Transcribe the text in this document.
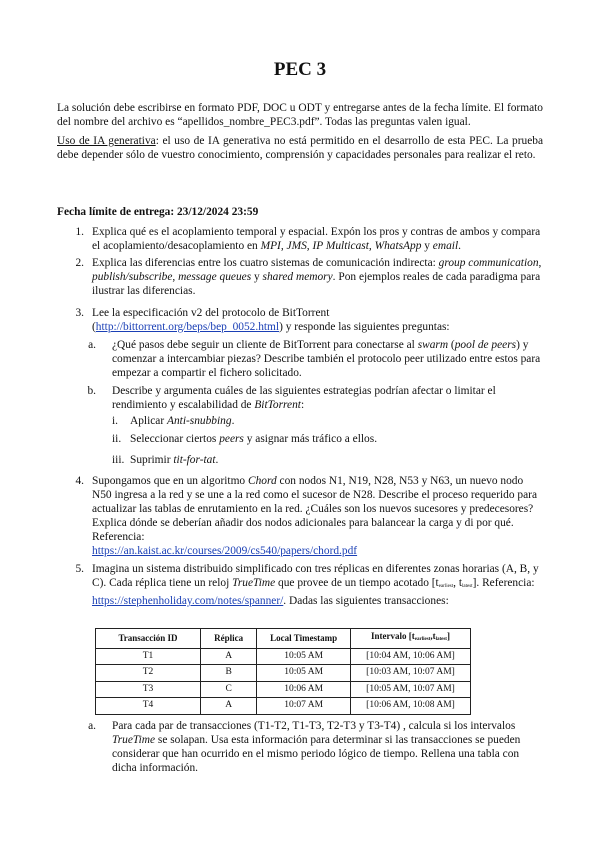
PEC 3
La solución debe escribirse en formato PDF, DOC u ODT y entregarse antes de la fecha límite. El formato del nombre del archivo es “apellidos_nombre_PEC3.pdf”. Todas las preguntas valen igual.
Uso de IA generativa: el uso de IA generativa no está permitido en el desarrollo de esta PEC. La prueba debe depender sólo de vuestro conocimiento, comprensión y capacidades personales para realizar el reto.
Fecha límite de entrega: 23/12/2024 23:59
1. Explica qué es el acoplamiento temporal y espacial. Expón los pros y contras de ambos y compara el acoplamiento/desacoplamiento en MPI, JMS, IP Multicast, WhatsApp y email.
2. Explica las diferencias entre los cuatro sistemas de comunicación indirecta: group communication, publish/subscribe, message queues y shared memory. Pon ejemplos reales de cada paradigma para ilustrar las diferencias.
3. Lee la especificación v2 del protocolo de BitTorrent (http://bittorrent.org/beps/bep_0052.html) y responde las siguientes preguntas:
a. ¿Qué pasos debe seguir un cliente de BitTorrent para conectarse al swarm (pool de peers) y comenzar a intercambiar piezas? Describe también el protocolo peer utilizado entre estos para empezar a compartir el fichero solicitado.
b. Describe y argumenta cuáles de las siguientes estrategias podrían afectar o limitar el rendimiento y escalabilidad de BitTorrent:
i. Aplicar Anti-snubbing.
ii. Seleccionar ciertos peers y asignar más tráfico a ellos.
iii. Suprimir tit-for-tat.
4. Supongamos que en un algoritmo Chord con nodos N1, N19, N28, N53 y N63, un nuevo nodo N50 ingresa a la red y se une a la red como el sucesor de N28. Describe el proceso requerido para actualizar las tablas de enrutamiento en la red. ¿Cuáles son los nuevos sucesores y predecesores? Explica dónde se deberían añadir dos nodos adicionales para balancear la carga y di por qué. Referencia:
https://an.kaist.ac.kr/courses/2009/cs540/papers/chord.pdf
5. Imagina un sistema distribuido simplificado con tres réplicas en diferentes zonas horarias (A, B, y C). Cada réplica tiene un reloj TrueTime que provee de un tiempo acotado [$t_{earliest}$, $t_{latest}$]. Referencia: https://stephenholiday.com/notes/spanner/. Dadas las siguientes transacciones:
Transacción ID	Réplica	Local Timestamp	Intervalo $[t_{earliest},t_{latest}]$
T1	A	10:05 AM	[10:04 AM, 10:06 AM]
T2	B	10:05 AM	[10:03 AM, 10:07 AM]
T3	C	10:06 AM	[10:05 AM, 10:07 AM]
T4	A	10:07 AM	[10:06 AM, 10:08 AM]
a. Para cada par de transacciones (T1-T2, T1-T3, T2-T3 y T3-T4) , calcula si los intervalos TrueTime se solapan. Usa esta información para determinar si las transacciones se pueden considerar que han ocurrido en el mismo periodo lógico de tiempo. Rellena una tabla con dicha información.
